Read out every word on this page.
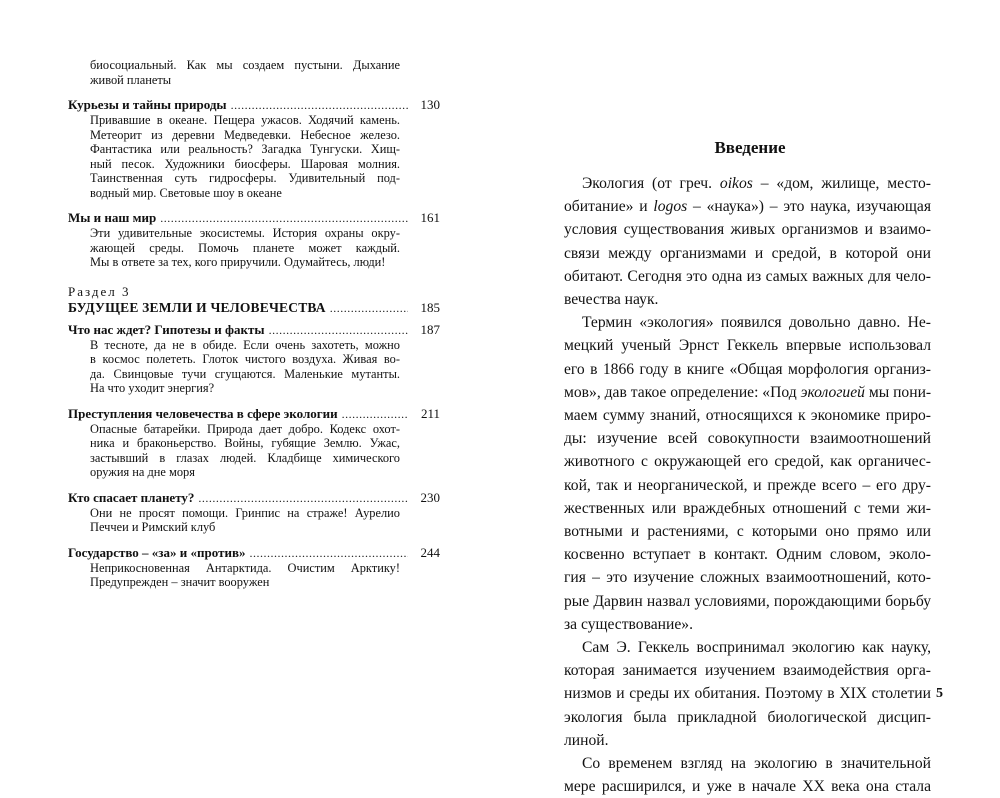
биосоциальный. Как мы создаем пустыни. Дыхание
живой планеты
Курьезы и тайны природы .....	130
Привавшие в океане. Пещера ужасов. Ходячий камень.
Метеорит из деревни Медведевки. Небесное железо.
Фантастика или реальность? Загадка Тунгуски. Хищ-
ный песок. Художники биосферы. Шаровая молния.
Таинственная суть гидросферы. Удивительный под-
водный мир. Световые шоу в океане
Мы и наш мир .....	161
Эти удивительные экосистемы. История охраны окру-
жающей среды. Помочь планете может каждый.
Мы в ответе за тех, кого приручили. Одумайтесь, люди!
Раздел 3
БУДУЩЕЕ ЗЕМЛИ И ЧЕЛОВЕЧЕСТВА .....	185
Что нас ждет? Гипотезы и факты .....	187
В тесноте, да не в обиде. Если очень захотеть, можно
в космос полететь. Глоток чистого воздуха. Живая во-
да. Свинцовые тучи сгущаются. Маленькие мутанты.
На что уходит энергия?
Преступления человечества в сфере экологии .....	211
Опасные батарейки. Природа дает добро. Кодекс охот-
ника и браконьерство. Войны, губящие Землю. Ужас,
застывший в глазах людей. Кладбище химического
оружия на дне моря
Кто спасает планету? .....	230
Они не просят помощи. Гринпис на страже! Аурелио
Печчеи и Римский клуб
Государство – «за» и «против» .....	244
Неприкосновенная Антарктида. Очистим Арктику!
Предупрежден – значит вооружен
Введение
Экология (от греч. oikos – «дом, жилище, место-
обитание» и logos – «наука») – это наука, изучающая
условия существования живых организмов и взаимо-
связи между организмами и средой, в которой они
обитают. Сегодня это одна из самых важных для чело-
вечества наук.
Термин «экология» появился довольно давно. Не-
мецкий ученый Эрнст Геккель впервые использовал
его в 1866 году в книге «Общая морфология организ-
мов», дав такое определение: «Под экологией мы пони-
маем сумму знаний, относящихся к экономике приро-
ды: изучение всей совокупности взаимоотношений
животного с окружающей его средой, как органичес-
кой, так и неорганической, и прежде всего – его дру-
жественных или враждебных отношений с теми жи-
вотными и растениями, с которыми оно прямо или
косвенно вступает в контакт. Одним словом, эколо-
гия – это изучение сложных взаимоотношений, кото-
рые Дарвин назвал условиями, порождающими борьбу
за существование».
Сам Э. Геккель воспринимал экологию как науку,
которая занимается изучением взаимодействия орга-
низмов и среды их обитания. Поэтому в XIX столетии
экология была прикладной биологической дисцип-
линой.
Со временем взгляд на экологию в значительной
мере расширился, и уже в начале XX века она стала
5
